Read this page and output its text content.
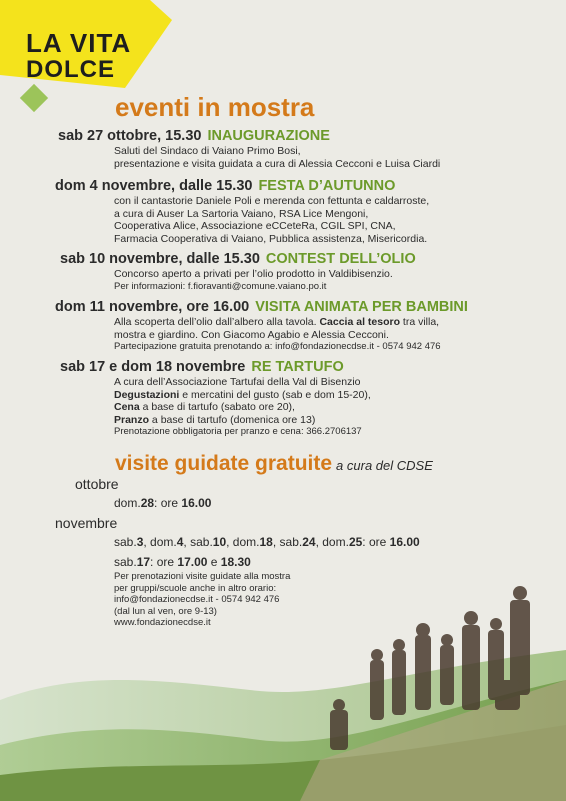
LA VITA
DOLCE
eventi in mostra
sab 27 ottobre, 15.30 INAUGURAZIONE
Saluti del Sindaco di Vaiano Primo Bosi,
presentazione e visita guidata a cura di Alessia Cecconi e Luisa Ciardi
dom 4 novembre, dalle 15.30 FESTA D’AUTUNNO
con il cantastorie Daniele Poli e merenda con fettunta e caldarroste,
a cura di Auser La Sartoria Vaiano, RSA Lice Mengoni,
Cooperativa Alice, Associazione eCCeteRa, CGIL SPI, CNA,
Farmacia Cooperativa di Vaiano, Pubblica assistenza, Misericordia.
sab 10 novembre, dalle 15.30 CONTEST DELL’OLIO
Concorso aperto a privati per l’olio prodotto in Valdibisenzio.
Per informazioni: f.fioravanti@comune.vaiano.po.it
dom 11 novembre, ore 16.00 VISITA ANIMATA PER BAMBINI
Alla scoperta dell’olio dall’albero alla tavola. Caccia al tesoro tra villa,
mostra e giardino. Con Giacomo Agabio e Alessia Cecconi.
Partecipazione gratuita prenotando a: info@fondazionecdse.it - 0574 942 476
sab 17 e dom 18 novembre RE TARTUFO
A cura dell’Associazione Tartufai della Val di Bisenzio
Degustazioni e mercatini del gusto (sab e dom 15-20),
Cena a base di tartufo (sabato ore 20),
Pranzo a base di tartufo (domenica ore 13)
Prenotazione obbligatoria per pranzo e cena: 366.2706137
visite guidate gratuite a cura del CDSE
ottobre
dom.28: ore 16.00
novembre
sab.3, dom.4, sab.10, dom.18, sab.24, dom.25: ore 16.00
sab.17: ore 17.00 e 18.30
Per prenotazioni visite guidate alla mostra
per gruppi/scuole anche in altro orario:
info@fondazionecdse.it - 0574 942 476
(dal lun al ven, ore 9-13)
www.fondazionecdse.it
